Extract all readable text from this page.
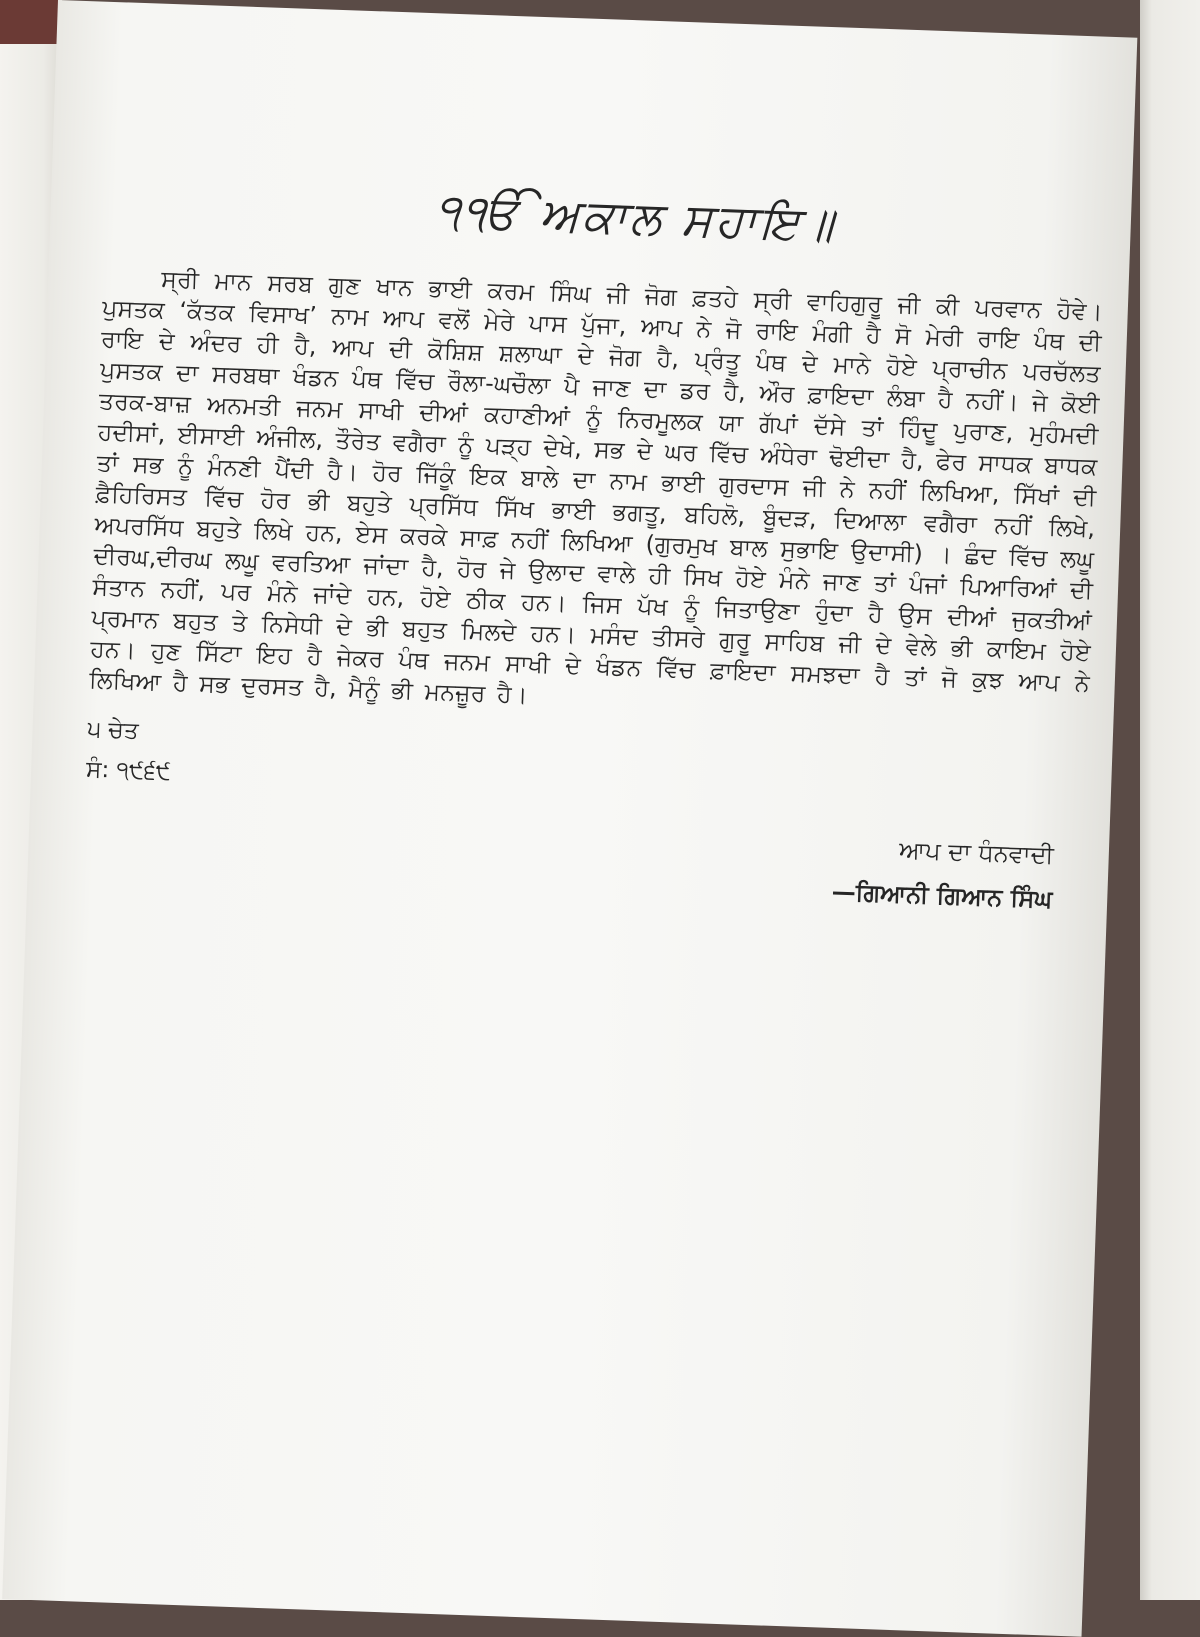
੧ੴ ਅਕਾਲ ਸਹਾਇ॥

ਸ੍ਰੀ ਮਾਨ ਸਰਬ ਗੁਣ ਖਾਨ ਭਾਈ ਕਰਮ ਸਿੰਘ ਜੀ ਜੋਗ ਫ਼ਤਹੇ ਸ੍ਰੀ ਵਾਹਿਗੁਰੂ ਜੀ ਕੀ ਪਰਵਾਨ ਹੋਵੇ। ਪੁਸਤਕ ‘ਕੱਤਕ ਵਿਸਾਖ’ ਨਾਮ ਆਪ ਵਲੋਂ ਮੇਰੇ ਪਾਸ ਪੁੱਜਾ, ਆਪ ਨੇ ਜੋ ਰਾਇ ਮੰਗੀ ਹੈ ਸੋ ਮੇਰੀ ਰਾਇ ਪੰਥ ਦੀ ਰਾਇ ਦੇ ਅੰਦਰ ਹੀ ਹੈ, ਆਪ ਦੀ ਕੋਸ਼ਿਸ਼ ਸ਼ਲਾਘਾ ਦੇ ਜੋਗ ਹੈ, ਪ੍ਰੰਤੂ ਪੰਥ ਦੇ ਮਾਨੇ ਹੋਏ ਪ੍ਰਾਚੀਨ ਪਰਚੱਲਤ ਪੁਸਤਕ ਦਾ ਸਰਬਥਾ ਖੰਡਨ ਪੰਥ ਵਿੱਚ ਰੌਲਾ-ਘਚੌਲਾ ਪੈ ਜਾਣ ਦਾ ਡਰ ਹੈ, ਔਰ ਫ਼ਾਇਦਾ ਲੰਬਾ ਹੈ ਨਹੀਂ। ਜੇ ਕੋਈ ਤਰਕ-ਬਾਜ਼ ਅਨਮਤੀ ਜਨਮ ਸਾਖੀ ਦੀਆਂ ਕਹਾਣੀਆਂ ਨੂੰ ਨਿਰਮੂਲਕ ਯਾ ਗੱਪਾਂ ਦੱਸੇ ਤਾਂ ਹਿੰਦੂ ਪੁਰਾਣ, ਮੁਹੰਮਦੀ ਹਦੀਸਾਂ, ਈਸਾਈ ਅੰਜੀਲ, ਤੌਰੇਤ ਵਗੈਰਾ ਨੂੰ ਪੜ੍ਹ ਦੇਖੇ, ਸਭ ਦੇ ਘਰ ਵਿੱਚ ਅੰਧੇਰਾ ਢੋਈਦਾ ਹੈ, ਫੇਰ ਸਾਧਕ ਬਾਧਕ ਤਾਂ ਸਭ ਨੂੰ ਮੰਨਣੀ ਪੈਂਦੀ ਹੈ। ਹੋਰ ਜਿੱਕੂੰ ਇਕ ਬਾਲੇ ਦਾ ਨਾਮ ਭਾਈ ਗੁਰਦਾਸ ਜੀ ਨੇ ਨਹੀਂ ਲਿਖਿਆ, ਸਿੱਖਾਂ ਦੀ ਫ਼ੈਹਿਰਿਸਤ ਵਿੱਚ ਹੋਰ ਭੀ ਬਹੁਤੇ ਪ੍ਰਸਿੱਧ ਸਿੱਖ ਭਾਈ ਭਗਤੂ, ਬਹਿਲੋ, ਬੂੰਦੜ, ਦਿਆਲਾ ਵਗੈਰਾ ਨਹੀਂ ਲਿਖੇ, ਅਪਰਸਿੱਧ ਬਹੁਤੇ ਲਿਖੇ ਹਨ, ਏਸ ਕਰਕੇ ਸਾਫ਼ ਨਹੀਂ ਲਿਖਿਆ (ਗੁਰਮੁਖ ਬਾਲ ਸੁਭਾਇ ਉਦਾਸੀ) । ਛੰਦ ਵਿੱਚ ਲਘੂ ਦੀਰਘ,ਦੀਰਘ ਲਘੂ ਵਰਤਿਆ ਜਾਂਦਾ ਹੈ, ਹੋਰ ਜੇ ਉਲਾਦ ਵਾਲੇ ਹੀ ਸਿਖ ਹੋਏ ਮੰਨੇ ਜਾਣ ਤਾਂ ਪੰਜਾਂ ਪਿਆਰਿਆਂ ਦੀ ਸੰਤਾਨ ਨਹੀਂ, ਪਰ ਮੰਨੇ ਜਾਂਦੇ ਹਨ, ਹੋਏ ਠੀਕ ਹਨ। ਜਿਸ ਪੱਖ ਨੂੰ ਜਿਤਾਉਣਾ ਹੁੰਦਾ ਹੈ ਉਸ ਦੀਆਂ ਜੁਕਤੀਆਂ ਪ੍ਰਮਾਨ ਬਹੁਤ ਤੇ ਨਿਸੇਧੀ ਦੇ ਭੀ ਬਹੁਤ ਮਿਲਦੇ ਹਨ। ਮਸੰਦ ਤੀਸਰੇ ਗੁਰੂ ਸਾਹਿਬ ਜੀ ਦੇ ਵੇਲੇ ਭੀ ਕਾਇਮ ਹੋਏ ਹਨ। ਹੁਣ ਸਿੱਟਾ ਇਹ ਹੈ ਜੇਕਰ ਪੰਥ ਜਨਮ ਸਾਖੀ ਦੇ ਖੰਡਨ ਵਿੱਚ ਫ਼ਾਇਦਾ ਸਮਝਦਾ ਹੈ ਤਾਂ ਜੋ ਕੁਝ ਆਪ ਨੇ ਲਿਖਿਆ ਹੈ ਸਭ ਦੁਰਸਤ ਹੈ, ਮੈਨੂੰ ਭੀ ਮਨਜ਼ੂਰ ਹੈ।

੫ ਚੇਤ
ਸੰ: ੧੯੬੯
ਆਪ ਦਾ ਧੰਨਵਾਦੀ
—ਗਿਆਨੀ ਗਿਆਨ ਸਿੰਘ
